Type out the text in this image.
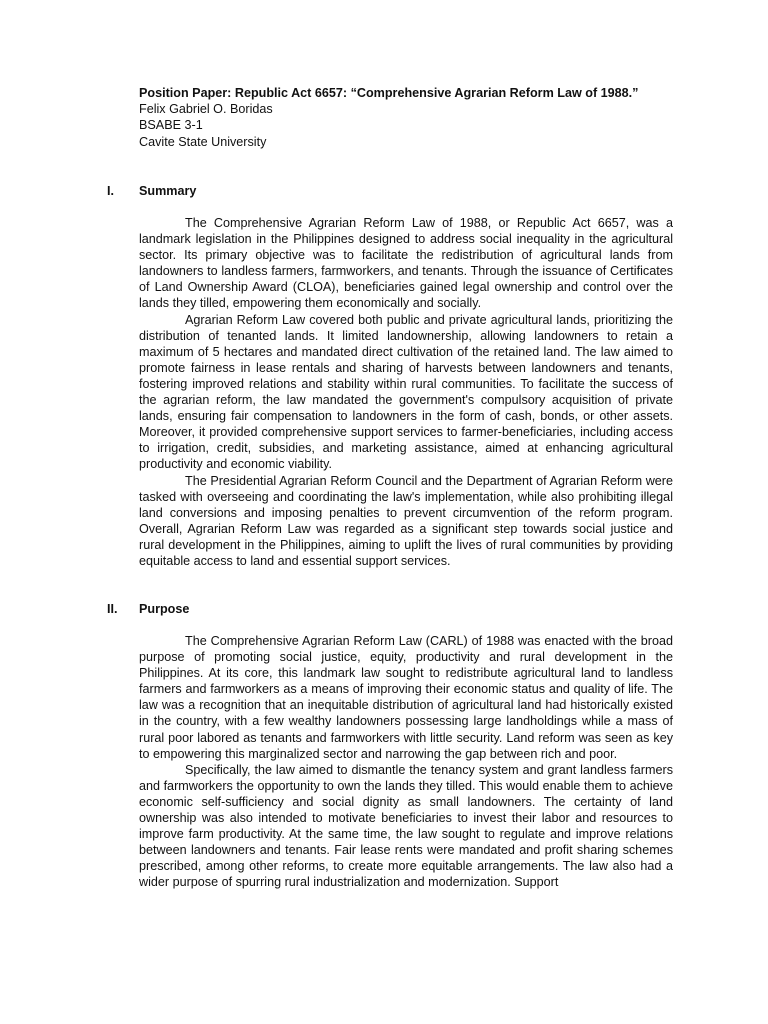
Position Paper: Republic Act 6657: “Comprehensive Agrarian Reform Law of 1988.”
Felix Gabriel O. Boridas
BSABE 3-1
Cavite State University
I. Summary

The Comprehensive Agrarian Reform Law of 1988, or Republic Act 6657, was a landmark legislation in the Philippines designed to address social inequality in the agricultural sector. Its primary objective was to facilitate the redistribution of agricultural lands from landowners to landless farmers, farmworkers, and tenants. Through the issuance of Certificates of Land Ownership Award (CLOA), beneficiaries gained legal ownership and control over the lands they tilled, empowering them economically and socially.

Agrarian Reform Law covered both public and private agricultural lands, prioritizing the distribution of tenanted lands. It limited landownership, allowing landowners to retain a maximum of 5 hectares and mandated direct cultivation of the retained land. The law aimed to promote fairness in lease rentals and sharing of harvests between landowners and tenants, fostering improved relations and stability within rural communities. To facilitate the success of the agrarian reform, the law mandated the government's compulsory acquisition of private lands, ensuring fair compensation to landowners in the form of cash, bonds, or other assets. Moreover, it provided comprehensive support services to farmer-beneficiaries, including access to irrigation, credit, subsidies, and marketing assistance, aimed at enhancing agricultural productivity and economic viability.

The Presidential Agrarian Reform Council and the Department of Agrarian Reform were tasked with overseeing and coordinating the law's implementation, while also prohibiting illegal land conversions and imposing penalties to prevent circumvention of the reform program. Overall, Agrarian Reform Law was regarded as a significant step towards social justice and rural development in the Philippines, aiming to uplift the lives of rural communities by providing equitable access to land and essential support services.

II. Purpose

The Comprehensive Agrarian Reform Law (CARL) of 1988 was enacted with the broad purpose of promoting social justice, equity, productivity and rural development in the Philippines. At its core, this landmark law sought to redistribute agricultural land to landless farmers and farmworkers as a means of improving their economic status and quality of life. The law was a recognition that an inequitable distribution of agricultural land had historically existed in the country, with a few wealthy landowners possessing large landholdings while a mass of rural poor labored as tenants and farmworkers with little security. Land reform was seen as key to empowering this marginalized sector and narrowing the gap between rich and poor.

Specifically, the law aimed to dismantle the tenancy system and grant landless farmers and farmworkers the opportunity to own the lands they tilled. This would enable them to achieve economic self-sufficiency and social dignity as small landowners. The certainty of land ownership was also intended to motivate beneficiaries to invest their labor and resources to improve farm productivity. At the same time, the law sought to regulate and improve relations between landowners and tenants. Fair lease rents were mandated and profit sharing schemes prescribed, among other reforms, to create more equitable arrangements. The law also had a wider purpose of spurring rural industrialization and modernization. Support
